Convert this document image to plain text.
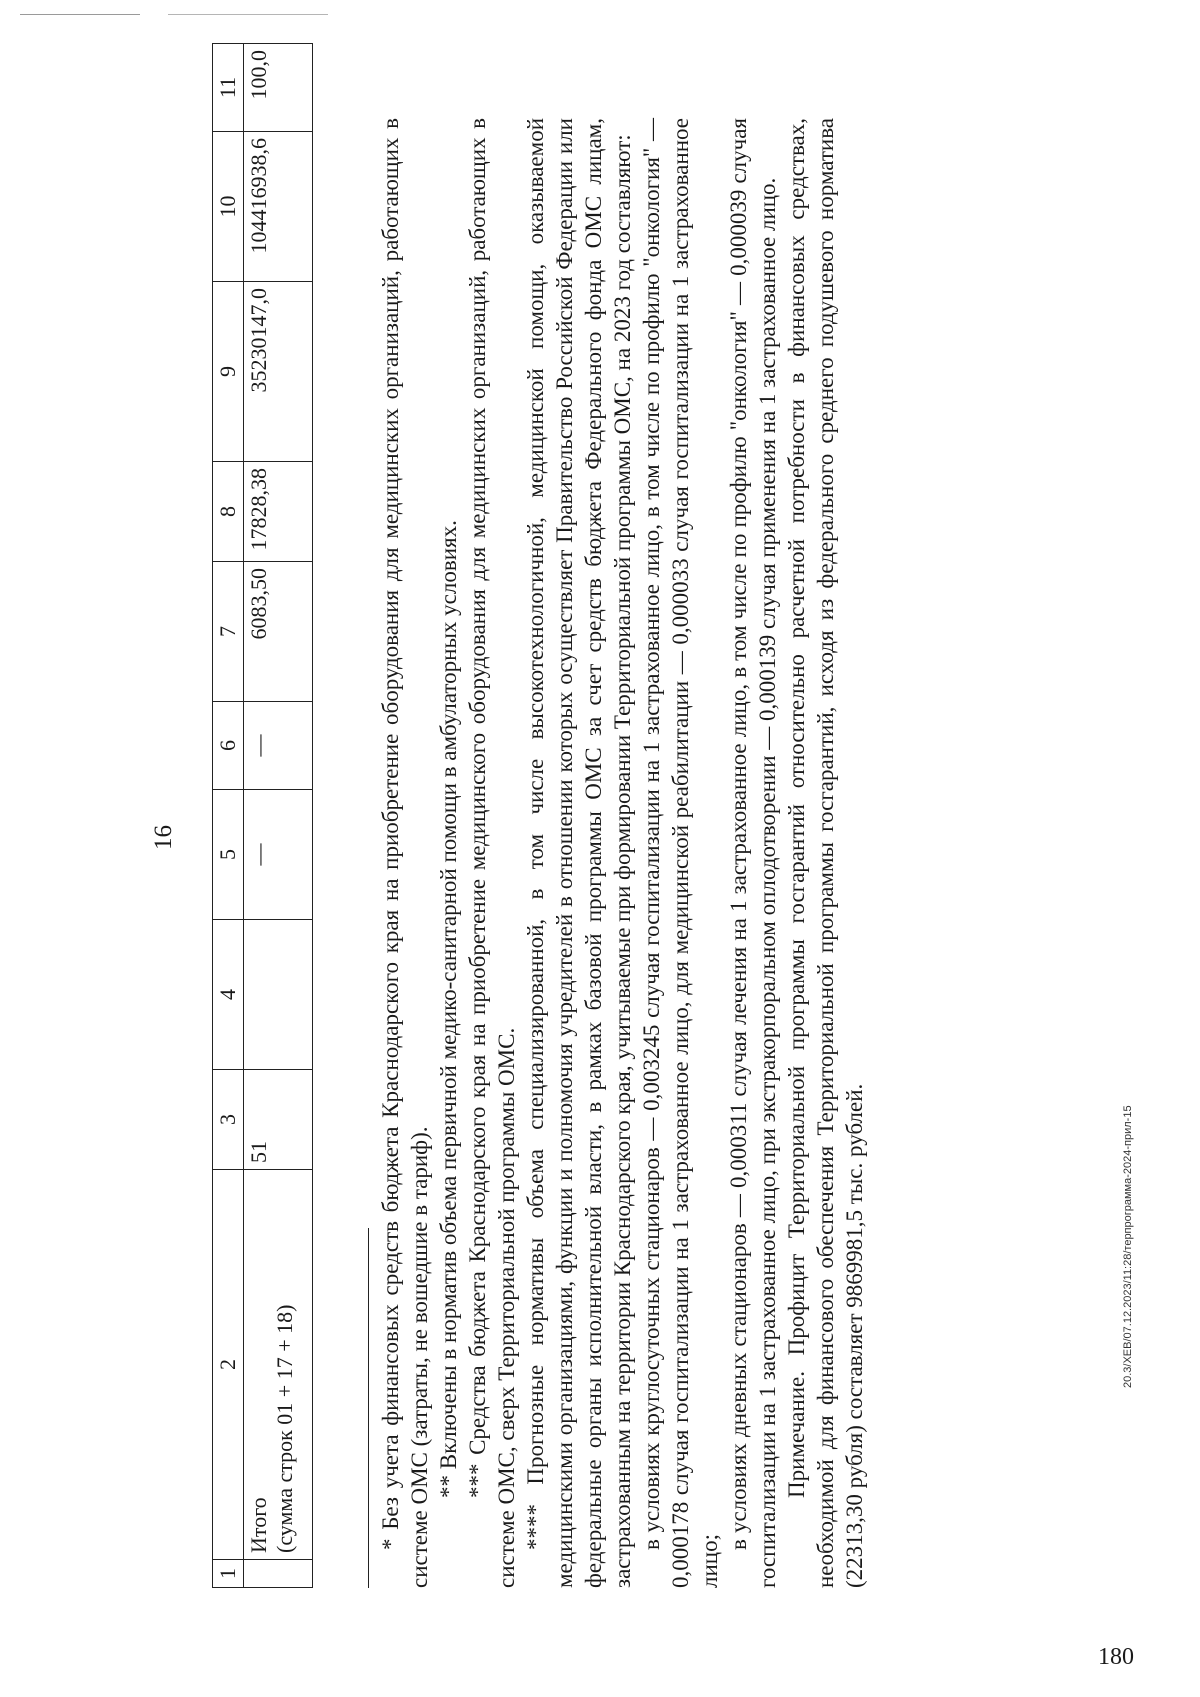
16
1	2	3	4	5	6	7	8	9	10	11

	Итого (сумма строк 01 + 17 + 18)	51		—	—	6083,50	17828,38	35230147,0	104416938,6	100,0

* Без учета финансовых средств бюджета Краснодарского края на приобретение оборудования для медицинских организаций, работающих в системе ОМС (затраты, не вошедшие в тариф). ** Включены в норматив объема первичной медико-санитарной помощи в амбулаторных условиях. *** Средства бюджета Краснодарского края на приобретение медицинского оборудования для медицинских организаций, работающих в системе ОМС, сверх Территориальной программы ОМС. **** Прогнозные нормативы объема специализированной, в том числе высокотехнологичной, медицинской помощи, оказываемой медицинскими организациями, функции и полномочия учредителей в отношении которых осуществляет Правительство Российской Федерации или федеральные органы исполнительной власти, в рамках базовой программы ОМС за счет средств бюджета Федерального фонда ОМС лицам, застрахованным на территории Краснодарского края, учитываемые при формировании Территориальной программы ОМС, на 2023 год составляют: в условиях круглосуточных стационаров — 0,003245 случая госпитализации на 1 застрахованное лицо, в том числе по профилю "онкология" — 0,000178 случая госпитализации на 1 застрахованное лицо, для медицинской реабилитации — 0,000033 случая госпитализации на 1 застрахованное лицо;

в условиях дневных стационаров — 0,000311 случая лечения на 1 застрахованное лицо, в том числе по профилю "онкология" — 0,000039 случая госпитализации на 1 застрахованное лицо, при экстракорпоральном оплодотворении — 0,000139 случая применения на 1 застрахованное лицо. Примечание. Профицит Территориальной программы госгарантий относительно расчетной потребности в финансовых средствах, необходимой для финансового обеспечения Территориальной программы госгарантий, исходя из федерального среднего подушевого норматива (22313,30 рубля) составляет 9869981,5 тыс. рублей.	20.3/ХЕВ/07.12.2023/11:28/терпрограмма-2024-прил-15
180
